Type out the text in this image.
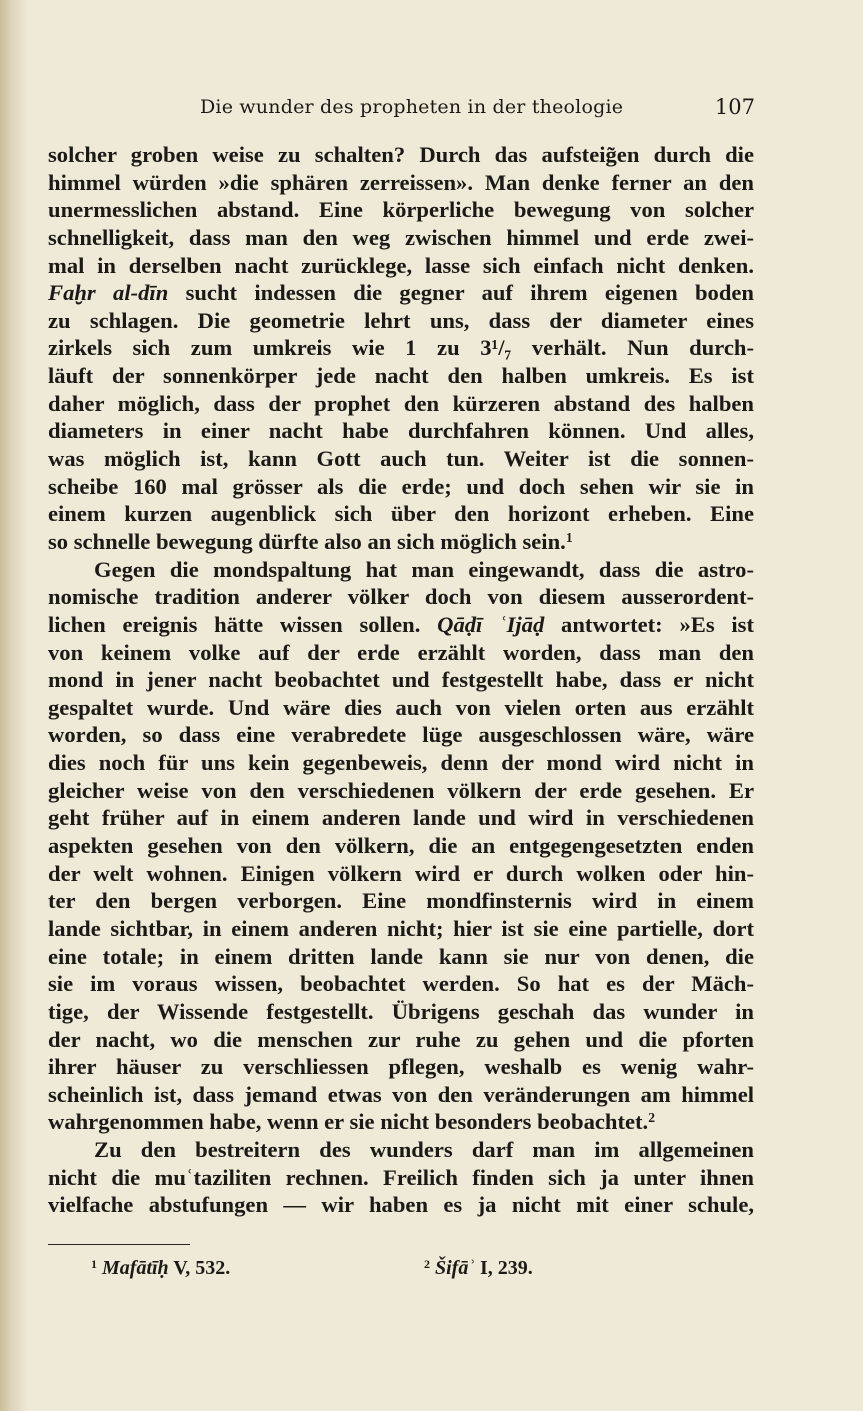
Die wunder des propheten in der theologie	107
solcher groben weise zu schalten? Durch das aufsteig̃en durch die
himmel würden »die sphären zerreissen». Man denke ferner an den
unermesslichen abstand. Eine körperliche bewegung von solcher
schnelligkeit, dass man den weg zwischen himmel und erde zwei-
mal in derselben nacht zurücklege, lasse sich einfach nicht denken.
Faḫr al-dīn sucht indessen die gegner auf ihrem eigenen boden
zu schlagen. Die geometrie lehrt uns, dass der diameter eines
zirkels sich zum umkreis wie 1 zu 3¹/₇ verhält. Nun durch-
läuft der sonnenkörper jede nacht den halben umkreis. Es ist
daher möglich, dass der prophet den kürzeren abstand des halben
diameters in einer nacht habe durchfahren können. Und alles,
was möglich ist, kann Gott auch tun. Weiter ist die sonnen-
scheibe 160 mal grösser als die erde; und doch sehen wir sie in
einem kurzen augenblick sich über den horizont erheben. Eine
so schnelle bewegung dürfte also an sich möglich sein.$^1$
Gegen die mondspaltung hat man eingewandt, dass die astro-
nomische tradition anderer völker doch von diesem ausserordent-
lichen ereignis hätte wissen sollen. Qāḍī ʿIjāḍ antwortet: »Es ist
von keinem volke auf der erde erzählt worden, dass man den
mond in jener nacht beobachtet und festgestellt habe, dass er nicht
gespaltet wurde. Und wäre dies auch von vielen orten aus erzählt
worden, so dass eine verabredete lüge ausgeschlossen wäre, wäre
dies noch für uns kein gegenbeweis, denn der mond wird nicht in
gleicher weise von den verschiedenen völkern der erde gesehen. Er
geht früher auf in einem anderen lande und wird in verschiedenen
aspekten gesehen von den völkern, die an entgegengesetzten enden
der welt wohnen. Einigen völkern wird er durch wolken oder hin-
ter den bergen verborgen. Eine mondfinsternis wird in einem
lande sichtbar, in einem anderen nicht; hier ist sie eine partielle, dort
eine totale; in einem dritten lande kann sie nur von denen, die
sie im voraus wissen, beobachtet werden. So hat es der Mäch-
tige, der Wissende festgestellt. Übrigens geschah das wunder in
der nacht, wo die menschen zur ruhe zu gehen und die pforten
ihrer häuser zu verschliessen pflegen, weshalb es wenig wahr-
scheinlich ist, dass jemand etwas von den veränderungen am himmel
wahrgenommen habe, wenn er sie nicht besonders beobachtet.$^2$
Zu den bestreitern des wunders darf man im allgemeinen
nicht die muʿtaziliten rechnen. Freilich finden sich ja unter ihnen
vielfache abstufungen — wir haben es ja nicht mit einer schule,
$^1$ Mafātīḥ V, 532.	$^2$ Šifāʾ I, 239.
